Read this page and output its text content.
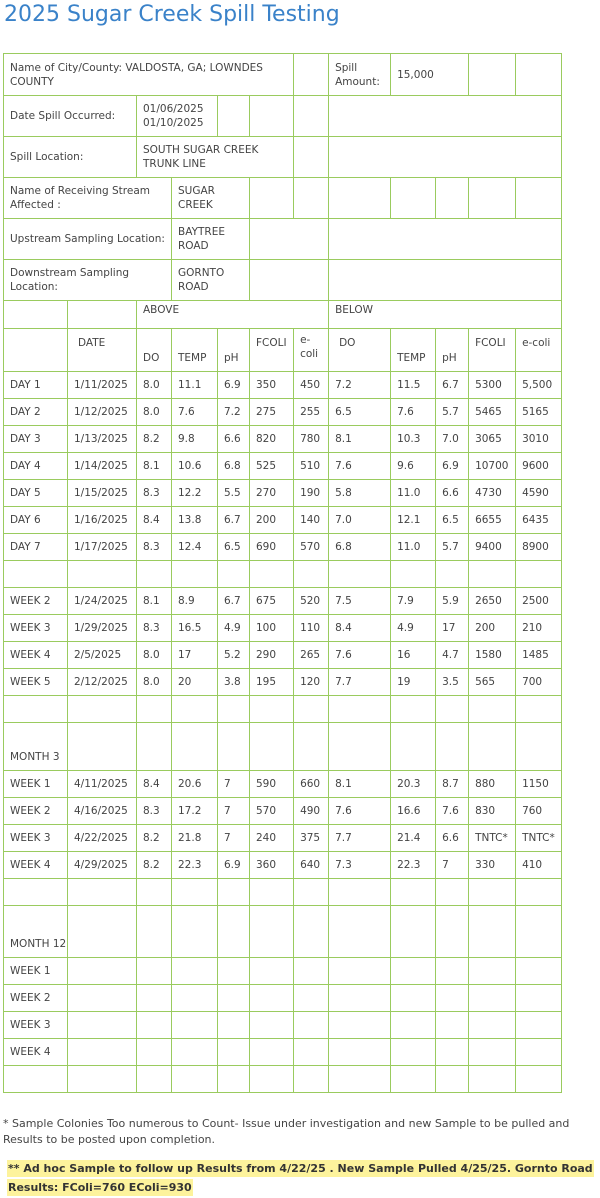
2025 Sugar Creek Spill Testing
Name of City/County: VALDOSTA, GA; LOWNDES COUNTY							Spill Amount:	15,000			
Date Spill Occurred:		01/06/2025 01/10/2025									
Spill Location:		SOUTH SUGAR CREEK TRUNK LINE									
Name of Receiving Stream Affected :			SUGAR CREEK								
Upstream Sampling Location:			BAYTREE ROAD								
Downstream Sampling Location:			GORNTO ROAD								
		ABOVE					BELOW				
	DATE	DO	TEMP	pH	FCOLI	e-coli	DO	TEMP	pH	FCOLI	e-coli
DAY 1	1/11/2025	8.0	11.1	6.9	350	450	7.2	11.5	6.7	5300	5,500
DAY 2	1/12/2025	8.0	7.6	7.2	275	255	6.5	7.6	5.7	5465	5165
DAY 3	1/13/2025	8.2	9.8	6.6	820	780	8.1	10.3	7.0	3065	3010
DAY 4	1/14/2025	8.1	10.6	6.8	525	510	7.6	9.6	6.9	10700	9600
DAY 5	1/15/2025	8.3	12.2	5.5	270	190	5.8	11.0	6.6	4730	4590
DAY 6	1/16/2025	8.4	13.8	6.7	200	140	7.0	12.1	6.5	6655	6435
DAY 7	1/17/2025	8.3	12.4	6.5	690	570	6.8	11.0	5.7	9400	8900

WEEK 2	1/24/2025	8.1	8.9	6.7	675	520	7.5	7.9	5.9	2650	2500
WEEK 3	1/29/2025	8.3	16.5	4.9	100	110	8.4	4.9	17	200	210
WEEK 4	2/5/2025	8.0	17	5.2	290	265	7.6	16	4.7	1580	1485
WEEK 5	2/12/2025	8.0	20	3.8	195	120	7.7	19	3.5	565	700

MONTH 3											
WEEK 1	4/11/2025	8.4	20.6	7	590	660	8.1	20.3	8.7	880	1150
WEEK 2	4/16/2025	8.3	17.2	7	570	490	7.6	16.6	7.6	830	760
WEEK 3	4/22/2025	8.2	21.8	7	240	375	7.7	21.4	6.6	TNTC*	TNTC*
WEEK 4	4/29/2025	8.2	22.3	6.9	360	640	7.3	22.3	7	330	410

MONTH 12											
WEEK 1											
WEEK 2											
WEEK 3											
WEEK 4											

* Sample Colonies Too numerous to Count- Issue under investigation and new Sample to be pulled and Results to be posted upon completion.

** Ad hoc Sample to follow up Results from 4/22/25 . New Sample Pulled 4/25/25. Gornto Road Results: FColi=760 EColi=930
